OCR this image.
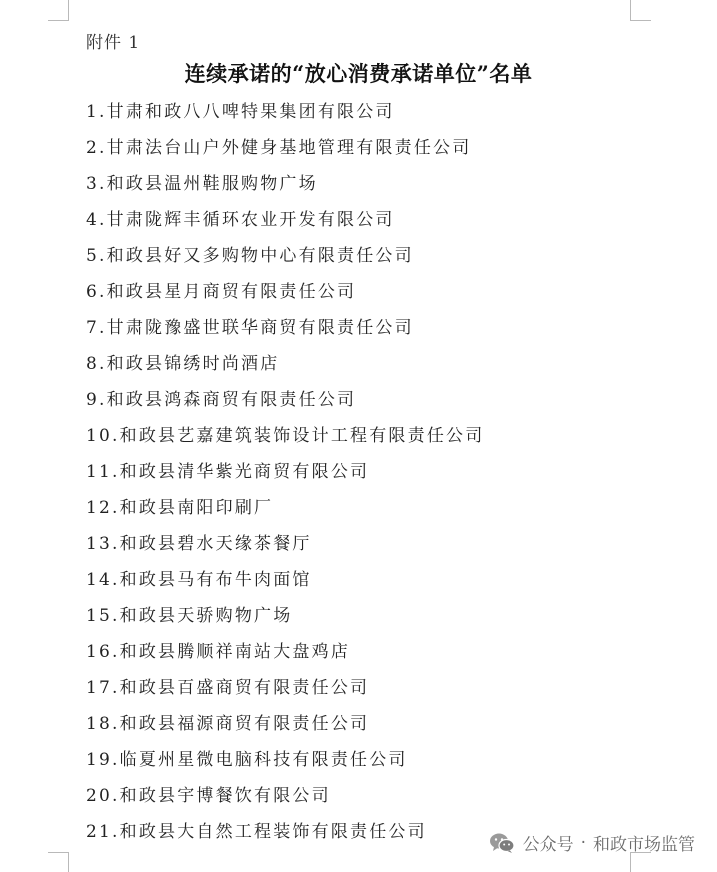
附件 1
连续承诺的“放心消费承诺单位”名单
1.甘肃和政八八啤特果集团有限公司
2.甘肃法台山户外健身基地管理有限责任公司
3.和政县温州鞋服购物广场
4.甘肃陇辉丰循环农业开发有限公司
5.和政县好又多购物中心有限责任公司
6.和政县星月商贸有限责任公司
7.甘肃陇豫盛世联华商贸有限责任公司
8.和政县锦绣时尚酒店
9.和政县鸿森商贸有限责任公司
10.和政县艺嘉建筑装饰设计工程有限责任公司
11.和政县清华紫光商贸有限公司
12.和政县南阳印刷厂
13.和政县碧水天缘茶餐厅
14.和政县马有布牛肉面馆
15.和政县天骄购物广场
16.和政县腾顺祥南站大盘鸡店
17.和政县百盛商贸有限责任公司
18.和政县福源商贸有限责任公司
19.临夏州星微电脑科技有限责任公司
20.和政县宇博餐饮有限公司
21.和政县大自然工程装饰有限责任公司
公众号 · 和政市场监管
